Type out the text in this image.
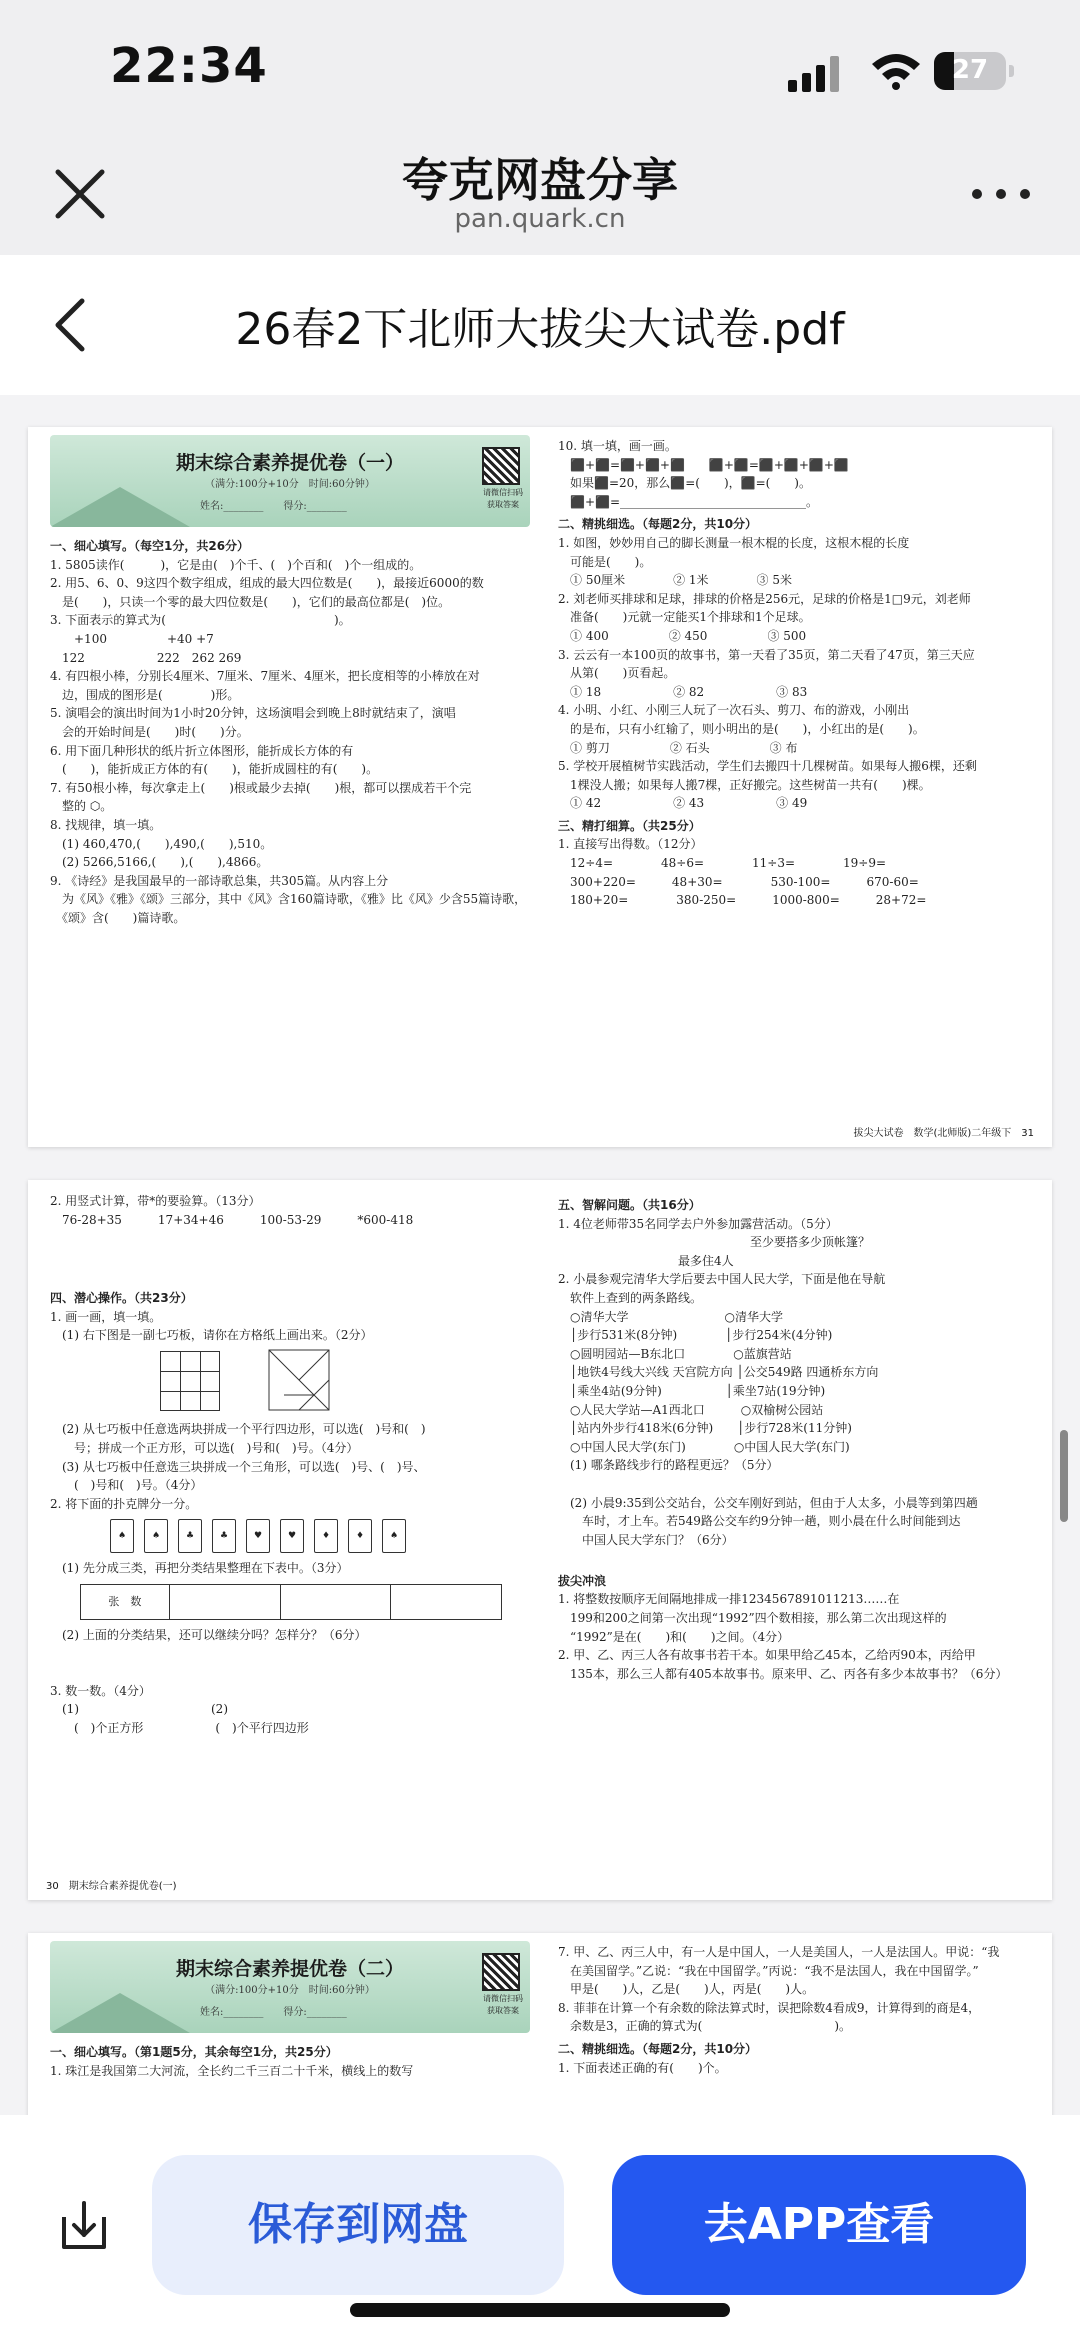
22:34	27
夸克网盘分享
pan.quark.cn
26春2下北师大拔尖大试卷.pdf
期末综合素养提优卷（一）
（满分:100分+10分　时间:60分钟）
姓名:________　　得分:________
请微信扫码获取答案
一、细心填写。（每空1分，共26分）
1. 5805读作(　　　)，它是由(　)个千、(　)个百和(　)个一组成的。
2. 用5、6、0、9这四个数字组成，组成的最大四位数是(　　)，最接近6000的数
　是(　　)，只读一个零的最大四位数是(　　)，它们的最高位都是(　)位。
3. 下面表示的算式为(　　　　　　　　　　　　　　)。
　　+100　　　　　+40 +7
　122　　　　　　222　262 269
4. 有四根小棒，分别长4厘米、7厘米、7厘米、4厘米，把长度相等的小棒放在对
　边，围成的图形是(　　　　)形。
5. 演唱会的演出时间为1小时20分钟，这场演唱会到晚上8时就结束了，演唱
　会的开始时间是(　　)时(　　)分。
6. 用下面几种形状的纸片折立体图形，能折成长方体的有
　(　　)，能折成正方体的有(　　)，能折成圆柱的有(　　)。
7. 有50根小棒，每次拿走上(　　)根或最少去掉(　　)根，都可以摆成若干个完
　整的 ⬡。
8. 找规律，填一填。
　(1) 460,470,(　　),490,(　　),510。
　(2) 5266,5166,(　　),(　　),4866。
9. 《诗经》是我国最早的一部诗歌总集，共305篇。从内容上分
　为《风》《雅》《颂》三部分，其中《风》含160篇诗歌，《雅》比《风》少含55篇诗歌，
　《颂》含(　　)篇诗歌。
10. 填一填，画一画。
　⬛+⬛=⬛+⬛+⬛　　⬛+⬛=⬛+⬛+⬛+⬛
　如果⬛=20，那么⬛=(　　)，⬛=(　　)。
　⬛+⬛=_______________________________。
二、精挑细选。（每题2分，共10分）
1. 如图，妙妙用自己的脚长测量一根木棍的长度，这根木棍的长度
　可能是(　　)。
　① 50厘米　　　　② 1米　　　　③ 5米
2. 刘老师买排球和足球，排球的价格是256元，足球的价格是1□9元，刘老师
　准备(　　)元就一定能买1个排球和1个足球。
　① 400　　　　　② 450　　　　　③ 500
3. 云云有一本100页的故事书，第一天看了35页，第二天看了47页，第三天应
　从第(　　)页看起。
　① 18　　　　　　② 82　　　　　　③ 83
4. 小明、小红、小刚三人玩了一次石头、剪刀、布的游戏，小刚出
　的是布，只有小红输了，则小明出的是(　　)，小红出的是(　　)。
　① 剪刀　　　　　② 石头　　　　　③ 布
5. 学校开展植树节实践活动，学生们去搬四十几棵树苗。如果每人搬6棵，还剩
　1棵没人搬；如果每人搬7棵，正好搬完。这些树苗一共有(　　)棵。
　① 42　　　　　　② 43　　　　　　③ 49
三、精打细算。（共25分）
1. 直接写出得数。（12分）
　12÷4=　　　　48÷6=　　　　11÷3=　　　　19÷9=
　300+220=　　　48+30=　　　　530-100=　　　670-60=
　180+20=　　　　380-250=　　　1000-800=　　　28+72=
拔尖大试卷　数学(北师版)二年级下　31
2. 用竖式计算，带*的要验算。（13分）
　76-28+35　　　17+34+46　　　100-53-29　　　*600-418

四、潜心操作。（共23分）
1. 画一画，填一填。
　(1) 右下图是一副七巧板，请你在方格纸上画出来。（2分）

　(2) 从七巧板中任意选两块拼成一个平行四边形，可以选(　)号和(　)
　　号；拼成一个正方形，可以选(　)号和(　)号。（4分）
　(3) 从七巧板中任意选三块拼成一个三角形，可以选(　)号、(　)号、
　　(　)号和(　)号。（4分）
2. 将下面的扑克牌分一分。
♠	♠	♣	♣	♥	♥	♦	♦	♠
　(1) 先分成三类，再把分类结果整理在下表中。（3分）
张　数
　(2) 上面的分类结果，还可以继续分吗？怎样分？（6分）

3. 数一数。（4分）
　(1)　　　　　　　　　　　(2)
　　(　)个正方形　　　　　　(　)个平行四边形
五、智解问题。（共16分）
1. 4位老师带35名同学去户外参加露营活动。（5分）
　　　　　　　　　　　　　　　　至少要搭多少顶帐篷？
　　　　　　　　　　最多住4人
2. 小晨参观完清华大学后要去中国人民大学，下面是他在导航
　软件上查到的两条路线。
　○清华大学　　　　　　　　○清华大学
　│步行531米(8分钟)　　　　│步行254米(4分钟)
　○圆明园站—B东北口　　　　○蓝旗营站
　│地铁4号线大兴线 天宫院方向 │公交549路 四通桥东方向
　│乘坐4站(9分钟)　　　　　 │乘坐7站(19分钟)
　○人民大学站—A1西北口　　　○双榆树公园站
　│站内外步行418米(6分钟)　　│步行728米(11分钟)
　○中国人民大学(东门)　　　　○中国人民大学(东门)
　(1) 哪条路线步行的路程更远？（5分）

　(2) 小晨9:35到公交站台，公交车刚好到站，但由于人太多，小晨等到第四趟
　　车时，才上车。若549路公交车约9分钟一趟，则小晨在什么时间能到达
　　中国人民大学东门？（6分）

拔尖冲浪
1. 将整数按顺序无间隔地排成一排1234567891011213……在
　199和200之间第一次出现“1992”四个数相接，那么第二次出现这样的
　“1992”是在(　　)和(　　)之间。（4分）
2. 甲、乙、丙三人各有故事书若干本。如果甲给乙45本，乙给丙90本，丙给甲
　135本，那么三人都有405本故事书。原来甲、乙、丙各有多少本故事书？（6分）
30　期末综合素养提优卷(一)
期末综合素养提优卷（二）
（满分:100分+10分　时间:60分钟）
姓名:________　　得分:________
请微信扫码获取答案
一、细心填写。（第1题5分，其余每空1分，共25分）
1. 珠江是我国第二大河流，全长约二千三百二十千米，横线上的数写
7. 甲、乙、丙三人中，有一人是中国人，一人是美国人，一人是法国人。甲说：“我
　在美国留学。”乙说：“我在中国留学。”丙说：“我不是法国人，我在中国留学。”
　甲是(　　)人，乙是(　　)人，丙是(　　)人。
8. 菲菲在计算一个有余数的除法算式时，误把除数4看成9，计算得到的商是4，
　余数是3，正确的算式为(　　　　　　　　　　　)。
二、精挑细选。（每题2分，共10分）
1. 下面表述正确的有(　　)个。
保存到网盘	去APP查看
